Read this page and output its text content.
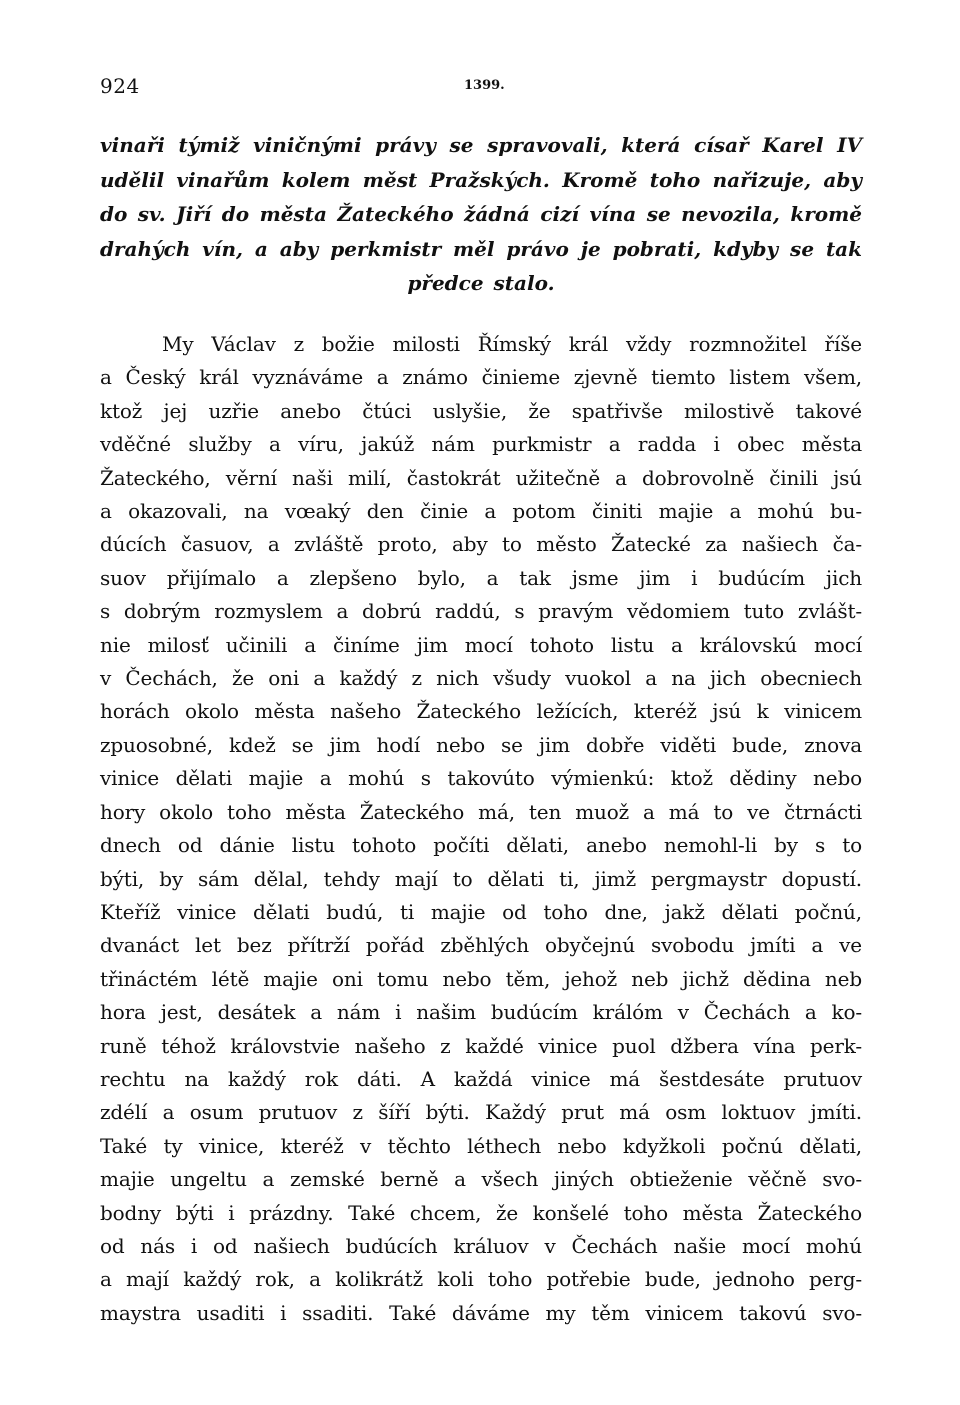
924	1399.
vinaři týmiž viničnými právy se spravovali, která císař Karel IV udělil vinařům kolem měst Pražských. Kromě toho nařizuje, aby do sv. Jiří do města Žateckého žádná cizí vína se nevozila, kromě drahých vín, a aby perkmistr měl právo je pobrati, kdyby se tak předce stalo.
My Václav z božie milosti Římský král vždy rozmnožitel říše
a Český král vyznáváme a známo činieme zjevně tiemto listem všem,
ktož jej uzřie anebo čtúci uslyšie, že spatřivše milostivě takové
vděčné služby a víru, jakúž nám purkmistr a radda i obec města
Žateckého, věrní naši milí, častokrát užitečně a dobrovolně činili jsú
a okazovali, na vœaký den činie a potom činiti majie a mohú bu-
dúcích časuov, a zvláště proto, aby to město Žatecké za našiech ča-
suov přijímalo a zlepšeno bylo, a tak jsme jim i budúcím jich
s dobrým rozmyslem a dobrú raddú, s pravým vědomiem tuto zvlášt-
nie milosť učinili a činíme jim mocí tohoto listu a královskú mocí
v Čechách, že oni a každý z nich všudy vuokol a na jich obecniech
horách okolo města našeho Žateckého ležících, kteréž jsú k vinicem
zpuosobné, kdež se jim hodí nebo se jim dobře viděti bude, znova
vinice dělati majie a mohú s takovúto výmienkú: ktož dědiny nebo
hory okolo toho města Žateckého má, ten muož a má to ve čtrnácti
dnech od dánie listu tohoto počíti dělati, anebo nemohl-li by s to
býti, by sám dělal, tehdy mají to dělati ti, jimž pergmaystr dopustí.
Kteříž vinice dělati budú, ti majie od toho dne, jakž dělati počnú,
dvanáct let bez přítrží pořád zběhlých obyčejnú svobodu jmíti a ve
třináctém létě majie oni tomu nebo těm, jehož neb jichž dědina neb
hora jest, desátek a nám i našim budúcím králóm v Čechách a ko-
runě téhož královstvie našeho z každé vinice puol džbera vína perk-
rechtu na každý rok dáti. A každá vinice má šestdesáte prutuov
zdélí a osum prutuov z šíří býti. Každý prut má osm loktuov jmíti.
Také ty vinice, kteréž v těchto léthech nebo kdyžkoli počnú dělati,
majie ungeltu a zemské berně a všech jiných obtieženie věčně svo-
bodny býti i prázdny. Také chcem, že konšelé toho města Žateckého
od nás i od našiech budúcích králuov v Čechách našie mocí mohú
a mají každý rok, a kolikrátž koli toho potřebie bude, jednoho perg-
maystra usaditi i ssaditi. Také dáváme my těm vinicem takovú svo-
